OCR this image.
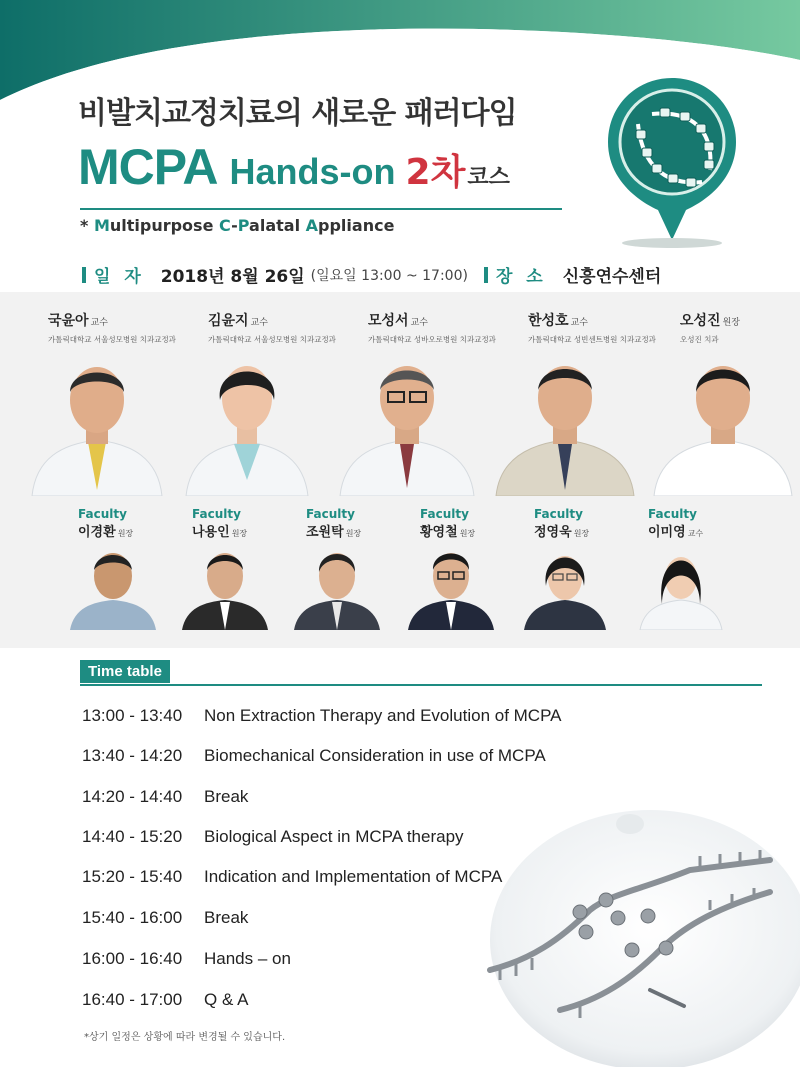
비발치교정치료의 새로운 패러다임
MCPA Hands-on 2차 코스
* Multipurpose C-Palatal Appliance
일 자 2018년 8월 26일 (일요일 13:00 ~ 17:00) 장 소 신흥연수센터
국윤아 교수
가톨릭대학교 서울성모병원 치과교정과
김윤지 교수
가톨릭대학교 서울성모병원 치과교정과
모성서 교수
가톨릭대학교 성바오로병원 치과교정과
한성호 교수
가톨릭대학교 성빈센트병원 치과교정과
오성진 원장
오성진 치과
Faculty
이경환 원장
Faculty
나용인 원장
Faculty
조원탁 원장
Faculty
황영철 원장
Faculty
정영욱 원장
Faculty
이미영 교수
Time table
13:00 - 13:40 Non Extraction Therapy and Evolution of MCPA
13:40 - 14:20 Biomechanical Consideration in use of MCPA
14:20 - 14:40 Break
14:40 - 15:20 Biological Aspect in MCPA therapy
15:20 - 15:40 Indication and Implementation of MCPA
15:40 - 16:00 Break
16:00 - 16:40 Hands – on
16:40 - 17:00 Q & A
*상기 일정은 상황에 따라 변경될 수 있습니다.
